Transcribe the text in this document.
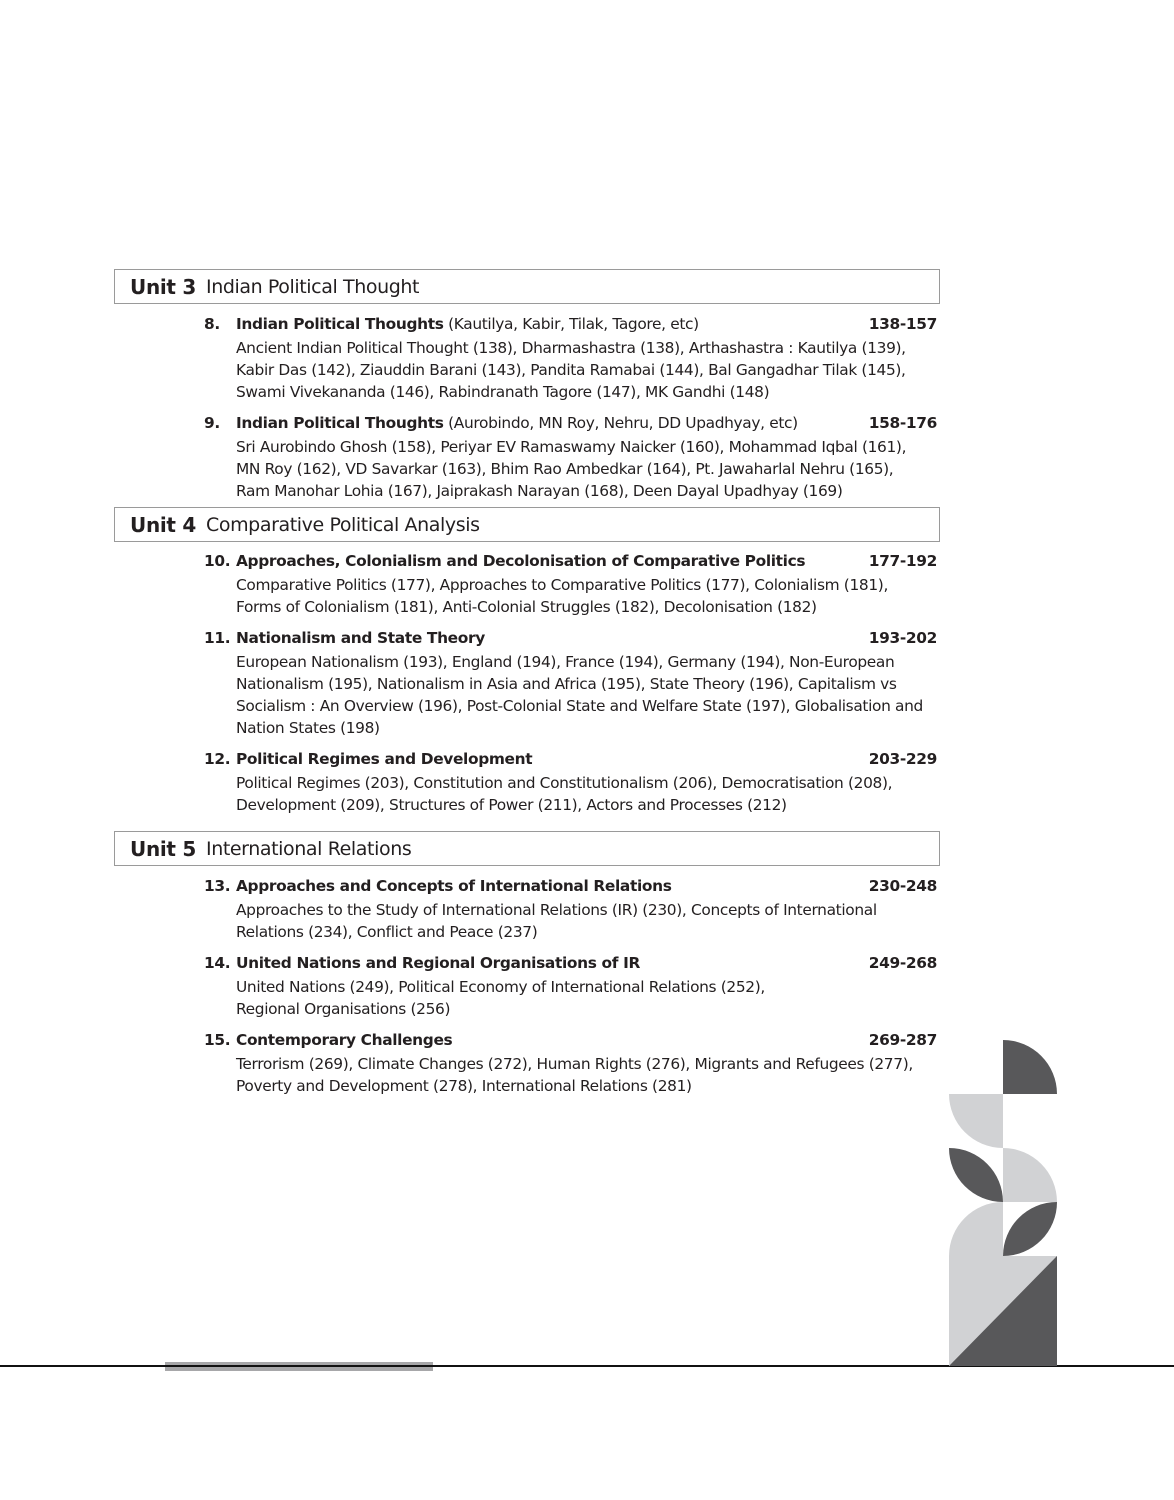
Unit 3 Indian Political Thought
8. Indian Political Thoughts (Kautilya, Kabir, Tilak, Tagore, etc)	138-157
Ancient Indian Political Thought (138), Dharmashastra (138), Arthashastra : Kautilya (139),
Kabir Das (142), Ziauddin Barani (143), Pandita Ramabai (144), Bal Gangadhar Tilak (145),
Swami Vivekananda (146), Rabindranath Tagore (147), MK Gandhi (148)
9. Indian Political Thoughts (Aurobindo, MN Roy, Nehru, DD Upadhyay, etc)	158-176
Sri Aurobindo Ghosh (158), Periyar EV Ramaswamy Naicker (160), Mohammad Iqbal (161),
MN Roy (162), VD Savarkar (163), Bhim Rao Ambedkar (164), Pt. Jawaharlal Nehru (165),
Ram Manohar Lohia (167), Jaiprakash Narayan (168), Deen Dayal Upadhyay (169)
Unit 4 Comparative Political Analysis
10. Approaches, Colonialism and Decolonisation of Comparative Politics	177-192
Comparative Politics (177), Approaches to Comparative Politics (177), Colonialism (181),
Forms of Colonialism (181), Anti-Colonial Struggles (182), Decolonisation (182)
11. Nationalism and State Theory	193-202
European Nationalism (193), England (194), France (194), Germany (194), Non-European
Nationalism (195), Nationalism in Asia and Africa (195), State Theory (196), Capitalism vs
Socialism : An Overview (196), Post-Colonial State and Welfare State (197), Globalisation and
Nation States (198)
12. Political Regimes and Development	203-229
Political Regimes (203), Constitution and Constitutionalism (206), Democratisation (208),
Development (209), Structures of Power (211), Actors and Processes (212)
Unit 5 International Relations
13. Approaches and Concepts of International Relations	230-248
Approaches to the Study of International Relations (IR) (230), Concepts of International
Relations (234), Conflict and Peace (237)
14. United Nations and Regional Organisations of IR	249-268
United Nations (249), Political Economy of International Relations (252),
Regional Organisations (256)
15. Contemporary Challenges	269-287
Terrorism (269), Climate Changes (272), Human Rights (276), Migrants and Refugees (277),
Poverty and Development (278), International Relations (281)
